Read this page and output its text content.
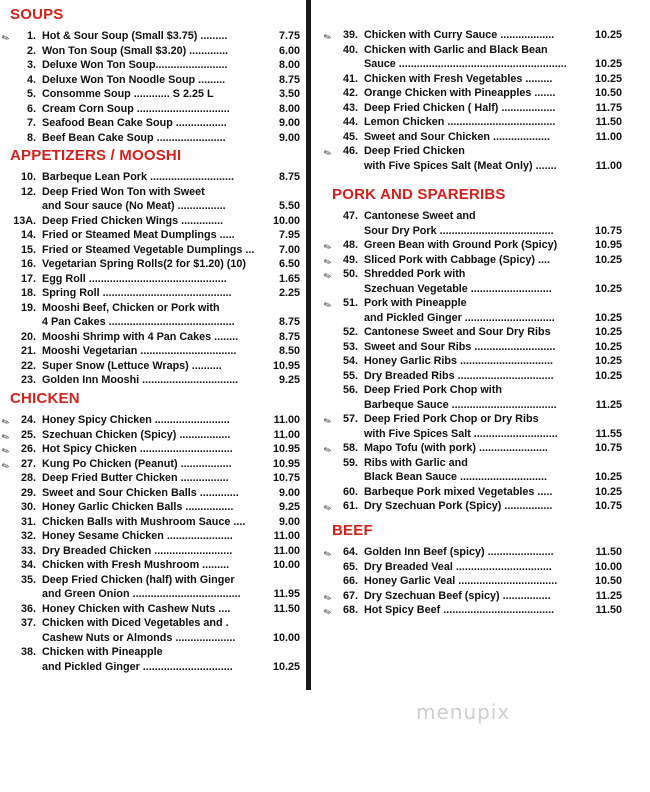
SOUPS
✎ 1. Hot & Sour Soup (Small $3.75) .........	7.75
2. Won Ton Soup (Small $3.20) .............	6.00
3. Deluxe Won Ton Soup........................	8.00
4. Deluxe Won Ton Noodle Soup .........	8.75
5. Consomme Soup ............ S 2.25 L	3.50
6. Cream Corn Soup ...............................	8.00
7. Seafood Bean Cake Soup .................	9.00
8. Beef Bean Cake Soup .......................	9.00
APPETIZERS / MOOSHI
10. Barbeque Lean Pork ............................	8.75
12. Deep Fried Won Ton with Sweet
and Sour sauce (No Meat) ................	5.50
13A. Deep Fried Chicken Wings ..............	10.00
14. Fried or Steamed Meat Dumplings .....	7.95
15. Fried or Steamed Vegetable Dumplings ... 7.00
16. Vegetarian Spring Rolls(2 for $1.20) (10)	6.50
17. Egg Roll ..............................................	1.65
18. Spring Roll ...........................................	2.25
19. Mooshi Beef, Chicken or Pork with
4 Pan Cakes ..........................................	8.75
20. Mooshi Shrimp with 4 Pan Cakes ........	8.75
21. Mooshi Vegetarian ................................	8.50
22. Super Snow (Lettuce Wraps) ..........	10.95
23. Golden Inn Mooshi ................................	9.25
CHICKEN
✎ 24. Honey Spicy Chicken .........................	11.00
✎ 25. Szechuan Chicken (Spicy) .................	11.00
✎ 26. Hot Spicy Chicken ...............................	10.95
✎ 27. Kung Po Chicken (Peanut) .................	10.95
28. Deep Fried Butter Chicken ................	10.75
29. Sweet and Sour Chicken Balls .............	9.00
30. Honey Garlic Chicken Balls ................	9.25
31. Chicken Balls with Mushroom Sauce ....	9.00
32. Honey Sesame Chicken ......................	11.00
33. Dry Breaded Chicken ..........................	11.00
34. Chicken with Fresh Mushroom .........	10.00
35. Deep Fried Chicken (half) with Ginger
and Green Onion ....................................	11.95
36. Honey Chicken with Cashew Nuts ....	11.50
37. Chicken with Diced Vegetables and .
Cashew Nuts or Almonds ....................	10.00
38. Chicken with Pineapple
and Pickled Ginger ..............................	10.25
✎ 39. Chicken with Curry Sauce ..................	10.25
40. Chicken with Garlic and Black Bean
Sauce ........................................................	10.25
41. Chicken with Fresh Vegetables .........	10.25
42. Orange Chicken with Pineapples .......	10.50
43. Deep Fried Chicken ( Half) ..................	11.75
44. Lemon Chicken ....................................	11.50
45. Sweet and Sour Chicken ...................	11.00
✎ 46. Deep Fried Chicken
with Five Spices Salt (Meat Only) .......	11.00
PORK AND SPARERIBS
47. Cantonese Sweet and
Sour Dry Pork ......................................	10.75
✎ 48. Green Bean with Ground Pork (Spicy)	10.95
✎ 49. Sliced Pork with Cabbage (Spicy) ....	10.25
✎ 50. Shredded Pork with
Szechuan Vegetable ...........................	10.25
✎ 51. Pork with Pineapple
and Pickled Ginger ..............................	10.25
52. Cantonese Sweet and Sour Dry Ribs	10.25
53. Sweet and Sour Ribs ...........................	10.25
54. Honey Garlic Ribs ...............................	10.25
55. Dry Breaded Ribs ................................	10.25
56. Deep Fried Pork Chop with
Barbeque Sauce ...................................	11.25
✎ 57. Deep Fried Pork Chop or Dry Ribs
with Five Spices Salt ............................	11.55
✎ 58. Mapo Tofu (with pork) .......................	10.75
59. Ribs with Garlic and
Black Bean Sauce .............................	10.25
60. Barbeque Pork mixed Vegetables .....	10.25
✎ 61. Dry Szechuan Pork (Spicy) ................	10.75
BEEF
✎ 64. Golden Inn Beef (spicy) ......................	11.50
65. Dry Breaded Veal ................................	10.00
66. Honey Garlic Veal .................................	10.50
✎ 67. Dry Szechuan Beef (spicy) ................	11.25
✎ 68. Hot Spicy Beef .....................................	11.50
menupix
